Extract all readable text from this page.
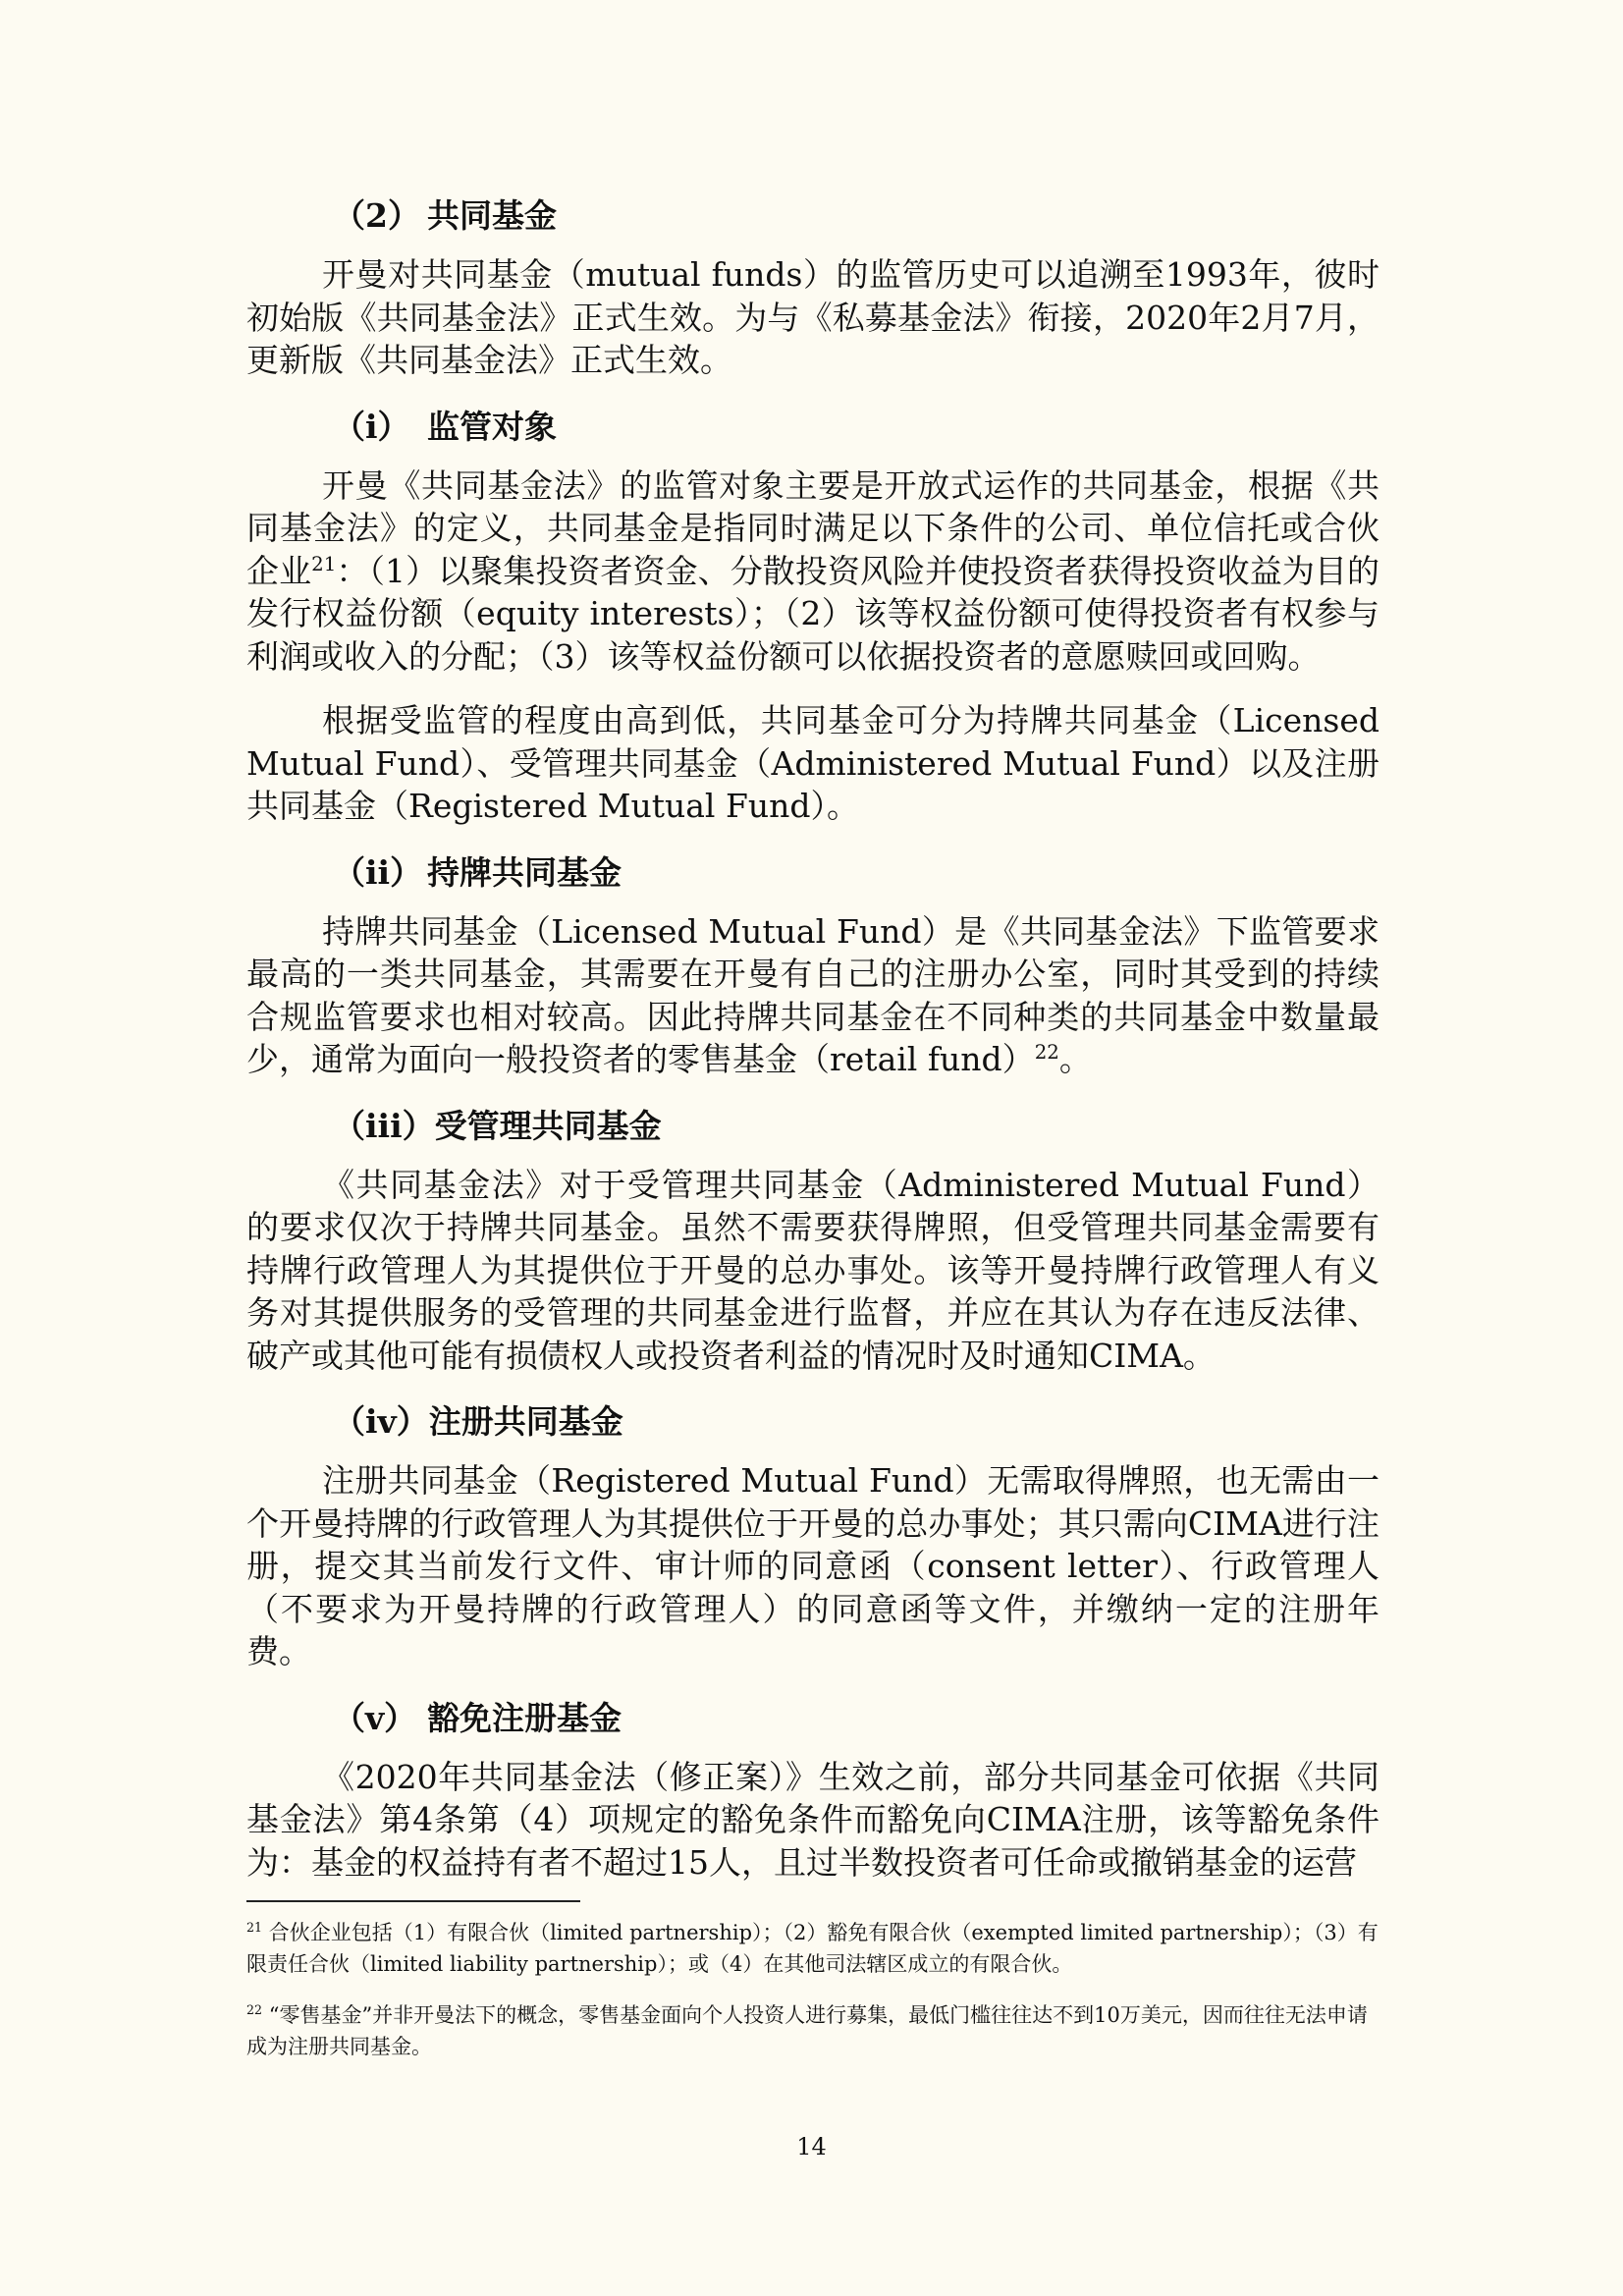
（2） 共同基金

开曼对共同基金（mutual funds）的监管历史可以追溯至1993年，彼时初始版《共同基金法》正式生效。为与《私募基金法》衔接，2020年2月7月，更新版《共同基金法》正式生效。

（i） 监管对象

开曼《共同基金法》的监管对象主要是开放式运作的共同基金，根据《共同基金法》的定义，共同基金是指同时满足以下条件的公司、单位信托或合伙企业$^{21}$：（1）以聚集投资者资金、分散投资风险并使投资者获得投资收益为目的发行权益份额（equity interests）；（2）该等权益份额可使得投资者有权参与利润或收入的分配；（3）该等权益份额可以依据投资者的意愿赎回或回购。

根据受监管的程度由高到低，共同基金可分为持牌共同基金（Licensed Mutual Fund）、受管理共同基金（Administered Mutual Fund）以及注册共同基金（Registered Mutual Fund）。

（ii） 持牌共同基金

持牌共同基金（Licensed Mutual Fund）是《共同基金法》下监管要求最高的一类共同基金，其需要在开曼有自己的注册办公室，同时其受到的持续合规监管要求也相对较高。因此持牌共同基金在不同种类的共同基金中数量最少，通常为面向一般投资者的零售基金（retail fund）$^{22}$。

（iii）受管理共同基金

《共同基金法》对于受管理共同基金（Administered Mutual Fund）的要求仅次于持牌共同基金。虽然不需要获得牌照，但受管理共同基金需要有持牌行政管理人为其提供位于开曼的总办事处。该等开曼持牌行政管理人有义务对其提供服务的受管理的共同基金进行监督，并应在其认为存在违反法律、破产或其他可能有损债权人或投资者利益的情况时及时通知CIMA。

（iv）注册共同基金

注册共同基金（Registered Mutual Fund）无需取得牌照，也无需由一个开曼持牌的行政管理人为其提供位于开曼的总办事处；其只需向CIMA进行注册，提交其当前发行文件、审计师的同意函（consent letter）、行政管理人（不要求为开曼持牌的行政管理人）的同意函等文件，并缴纳一定的注册年费。

（v） 豁免注册基金

《2020年共同基金法（修正案）》生效之前，部分共同基金可依据《共同基金法》第4条第（4）项规定的豁免条件而豁免向CIMA注册，该等豁免条件为：基金的权益持有者不超过15人，且过半数投资者可任命或撤销基金的运营

$^{21}$ 合伙企业包括（1）有限合伙（limited partnership）；（2）豁免有限合伙（exempted limited partnership）；（3）有限责任合伙（limited liability partnership）；或（4）在其他司法辖区成立的有限合伙。

$^{22}$ “零售基金”并非开曼法下的概念，零售基金面向个人投资人进行募集，最低门槛往往达不到10万美元，因而往往无法申请成为注册共同基金。

14
